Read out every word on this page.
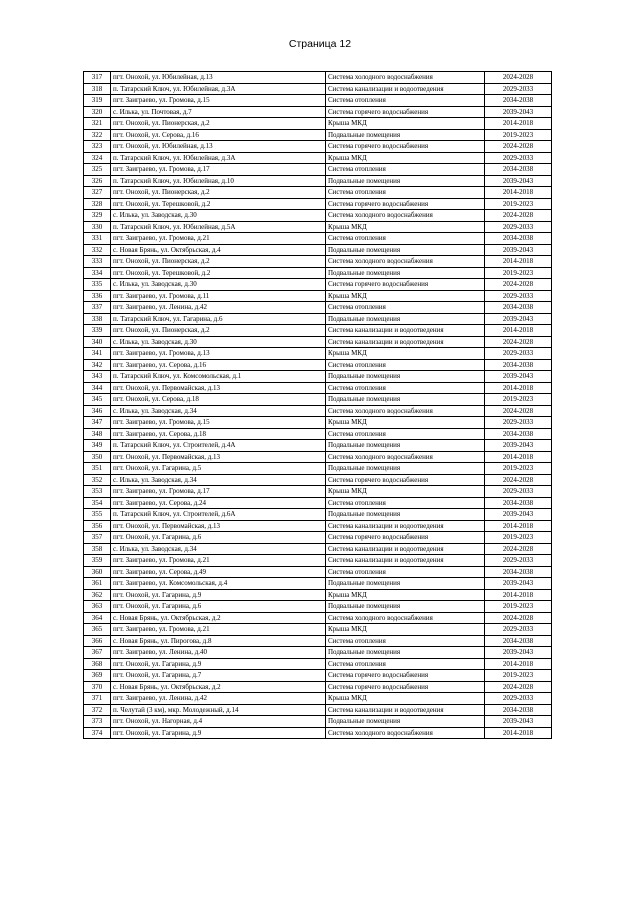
Страница 12
317	пгт. Онохой, ул. Юбилейная, д.13	Система холодного водоснабжения	2024-2028
318	п. Татарский Ключ, ул. Юбилейная, д.3А	Система канализации и водоотведения	2029-2033
319	пгт. Заиграево, ул. Громова, д.15	Система отопления	2034-2038
320	с. Илька, ул. Почтовая, д.7	Система горячего водоснабжения	2039-2043
321	пгт. Онохой, ул. Пионерская, д.2	Крыша МКД	2014-2018
322	пгт. Онохой, ул. Серова, д.16	Подвальные помещения	2019-2023
323	пгт. Онохой, ул. Юбилейная, д.13	Система горячего водоснабжения	2024-2028
324	п. Татарский Ключ, ул. Юбилейная, д.3А	Крыша МКД	2029-2033
325	пгт. Заиграево, ул. Громова, д.17	Система отопления	2034-2038
326	п. Татарский Ключ, ул. Юбилейная, д.10	Подвальные помещения	2039-2043
327	пгт. Онохой, ул. Пионерская, д.2	Система отопления	2014-2018
328	пгт. Онохой, ул. Терешковой, д.2	Система горячего водоснабжения	2019-2023
329	с. Илька, ул. Заводская, д.30	Система холодного водоснабжения	2024-2028
330	п. Татарский Ключ, ул. Юбилейная, д.5А	Крыша МКД	2029-2033
331	пгт. Заиграево, ул. Громова, д.21	Система отопления	2034-2038
332	с. Новая Брянь, ул. Октябрьская, д.4	Подвальные помещения	2039-2043
333	пгт. Онохой, ул. Пионерская, д.2	Система холодного водоснабжения	2014-2018
334	пгт. Онохой, ул. Терешковой, д.2	Подвальные помещения	2019-2023
335	с. Илька, ул. Заводская, д.30	Система горячего водоснабжения	2024-2028
336	пгт. Заиграево, ул. Громова, д.11	Крыша МКД	2029-2033
337	пгт. Заиграево, ул. Ленина, д.42	Система отопления	2034-2038
338	п. Татарский Ключ, ул. Гагарина, д.6	Подвальные помещения	2039-2043
339	пгт. Онохой, ул. Пионерская, д.2	Система канализации и водоотведения	2014-2018
340	с. Илька, ул. Заводская, д.30	Система канализации и водоотведения	2024-2028
341	пгт. Заиграево, ул. Громова, д.13	Крыша МКД	2029-2033
342	пгт. Заиграево, ул. Серова, д.16	Система отопления	2034-2038
343	п. Татарский Ключ, ул. Комсомольская, д.1	Подвальные помещения	2039-2043
344	пгт. Онохой, ул. Первомайская, д.13	Система отопления	2014-2018
345	пгт. Онохой, ул. Серова, д.18	Подвальные помещения	2019-2023
346	с. Илька, ул. Заводская, д.34	Система холодного водоснабжения	2024-2028
347	пгт. Заиграево, ул. Громова, д.15	Крыша МКД	2029-2033
348	пгт. Заиграево, ул. Серова, д.18	Система отопления	2034-2038
349	п. Татарский Ключ, ул. Строителей, д.4А	Подвальные помещения	2039-2043
350	пгт. Онохой, ул. Первомайская, д.13	Система холодного водоснабжения	2014-2018
351	пгт. Онохой, ул. Гагарина, д.5	Подвальные помещения	2019-2023
352	с. Илька, ул. Заводская, д.34	Система горячего водоснабжения	2024-2028
353	пгт. Заиграево, ул. Громова, д.17	Крыша МКД	2029-2033
354	пгт. Заиграево, ул. Серова, д.24	Система отопления	2034-2038
355	п. Татарский Ключ, ул. Строителей, д.6А	Подвальные помещения	2039-2043
356	пгт. Онохой, ул. Первомайская, д.13	Система канализации и водоотведения	2014-2018
357	пгт. Онохой, ул. Гагарина, д.6	Система горячего водоснабжения	2019-2023
358	с. Илька, ул. Заводская, д.34	Система канализации и водоотведения	2024-2028
359	пгт. Заиграево, ул. Громова, д.21	Система канализации и водоотведения	2029-2033
360	пгт. Заиграево, ул. Серова, д.49	Система отопления	2034-2038
361	пгт. Заиграево, ул. Комсомольская, д.4	Подвальные помещения	2039-2043
362	пгт. Онохой, ул. Гагарина, д.9	Крыша МКД	2014-2018
363	пгт. Онохой, ул. Гагарина, д.6	Подвальные помещения	2019-2023
364	с. Новая Брянь, ул. Октябрьская, д.2	Система холодного водоснабжения	2024-2028
365	пгт. Заиграево, ул. Громова, д.21	Крыша МКД	2029-2033
366	с. Новая Брянь, ул. Пирогова, д.8	Система отопления	2034-2038
367	пгт. Заиграево, ул. Ленина, д.40	Подвальные помещения	2039-2043
368	пгт. Онохой, ул. Гагарина, д.9	Система отопления	2014-2018
369	пгт. Онохой, ул. Гагарина, д.7	Система горячего водоснабжения	2019-2023
370	с. Новая Брянь, ул. Октябрьская, д.2	Система горячего водоснабжения	2024-2028
371	пгт. Заиграево, ул. Ленина, д.42	Крыша МКД	2029-2033
372	п. Челутай (3 км), мкр. Молодежный, д.14	Система канализации и водоотведения	2034-2038
373	пгт. Онохой, ул. Нагорная, д.4	Подвальные помещения	2039-2043
374	пгт. Онохой, ул. Гагарина, д.9	Система холодного водоснабжения	2014-2018
